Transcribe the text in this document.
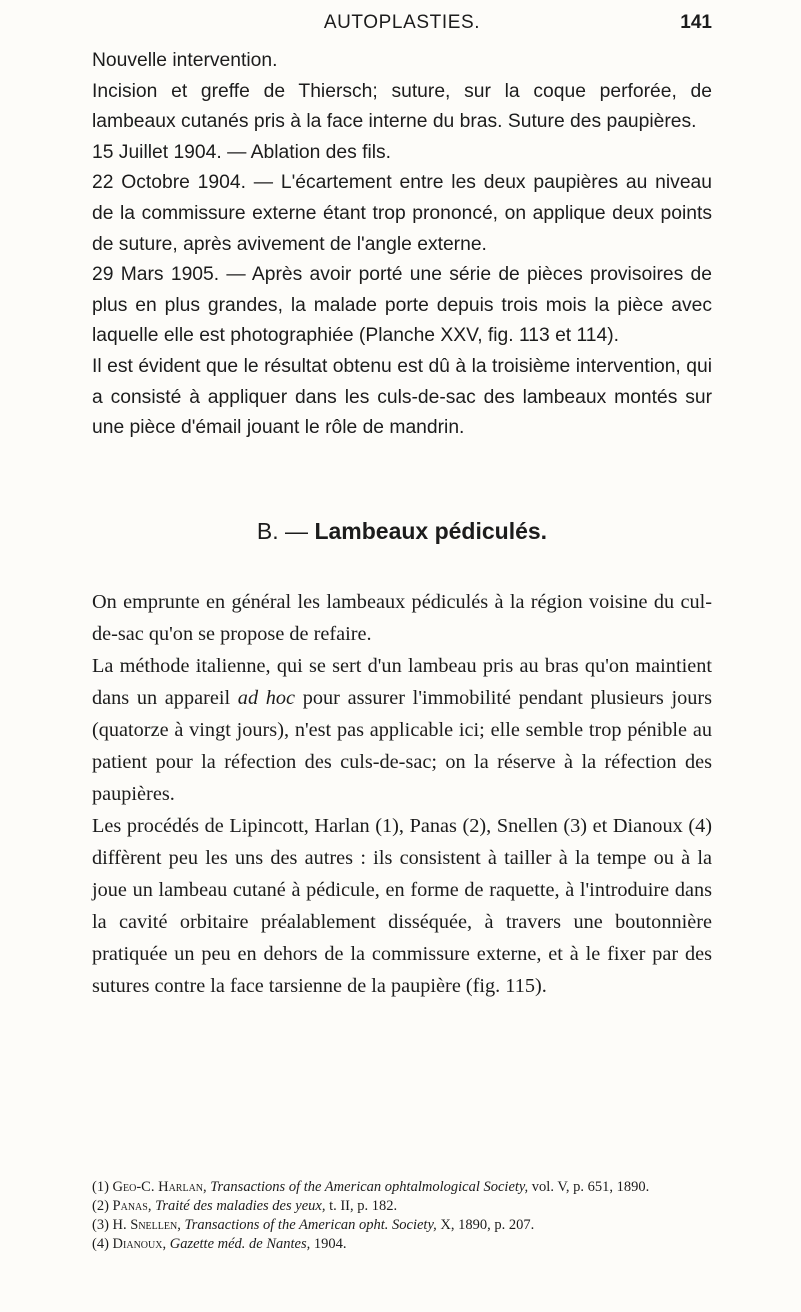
AUTOPLASTIES.	141

Nouvelle intervention.

Incision et greffe de Thiersch; suture, sur la coque perforée, de lambeaux cutanés pris à la face interne du bras. Suture des paupières.

15 Juillet 1904. — Ablation des fils.

22 Octobre 1904. — L'écartement entre les deux paupières au niveau de la commissure externe étant trop prononcé, on applique deux points de suture, après avivement de l'angle externe.

29 Mars 1905. — Après avoir porté une série de pièces provisoires de plus en plus grandes, la malade porte depuis trois mois la pièce avec laquelle elle est photographiée (Planche XXV, fig. 113 et 114).

Il est évident que le résultat obtenu est dû à la troisième intervention, qui a consisté à appliquer dans les culs-de-sac des lambeaux montés sur une pièce d'émail jouant le rôle de mandrin.

B. — Lambeaux pédiculés.

On emprunte en général les lambeaux pédiculés à la région voisine du cul-de-sac qu'on se propose de refaire.

La méthode italienne, qui se sert d'un lambeau pris au bras qu'on maintient dans un appareil ad hoc pour assurer l'immobilité pendant plusieurs jours (quatorze à vingt jours), n'est pas applicable ici; elle semble trop pénible au patient pour la réfection des culs-de-sac; on la réserve à la réfection des paupières.

Les procédés de Lipincott, Harlan (1), Panas (2), Snellen (3) et Dianoux (4) diffèrent peu les uns des autres : ils consistent à tailler à la tempe ou à la joue un lambeau cutané à pédicule, en forme de raquette, à l'introduire dans la cavité orbitaire préalablement disséquée, à travers une boutonnière pratiquée un peu en dehors de la commissure externe, et à le fixer par des sutures contre la face tarsienne de la paupière (fig. 115).

(1) Geo-C. Harlan, Transactions of the American ophtalmological Society, vol. V, p. 651, 1890.

(2) Panas, Traité des maladies des yeux, t. II, p. 182.

(3) H. Snellen, Transactions of the American opht. Society, X, 1890, p. 207.

(4) Dianoux, Gazette méd. de Nantes, 1904.
